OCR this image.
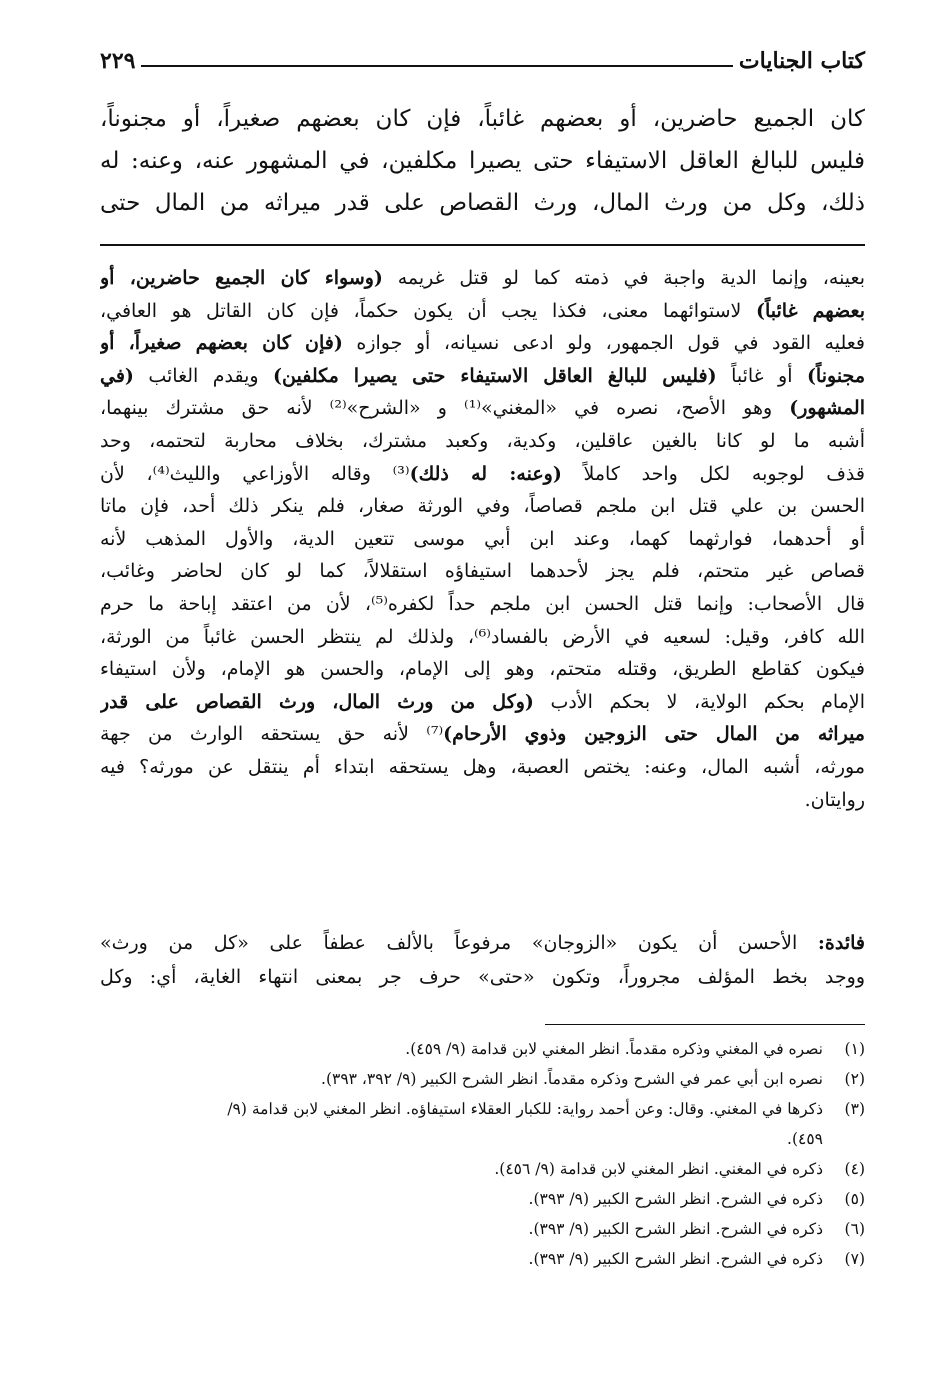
كتاب الجنايات
٢٢٩
كان الجميع حاضرين، أو بعضهم غائباً، فإن كان بعضهم صغيراً، أو مجنوناً،
فليس للبالغ العاقل الاستيفاء حتى يصيرا مكلفين، في المشهور عنه، وعنه: له
ذلك، وكل من ورث المال، ورث القصاص على قدر ميراثه من المال حتى
بعينه، وإنما الدية واجبة في ذمته كما لو قتل غريمه (وسواء كان الجميع حاضرين، أو
بعضهم غائباً) لاستوائهما معنى، فكذا يجب أن يكون حكماً، فإن كان القاتل هو العافي،
فعليه القود في قول الجمهور، ولو ادعى نسيانه، أو جوازه (فإن كان بعضهم صغيراً، أو
مجنوناً) أو غائباً (فليس للبالغ العاقل الاستيفاء حتى يصيرا مكلفين) ويقدم الغائب (في
المشهور) وهو الأصح، نصره في «المغني»⁽¹⁾ و «الشرح»⁽²⁾ لأنه حق مشترك بينهما،
أشبه ما لو كانا بالغين عاقلين، وكدية، وكعبد مشترك، بخلاف محاربة لتحتمه، وحد
قذف لوجوبه لكل واحد كاملاً (وعنه: له ذلك)⁽³⁾ وقاله الأوزاعي والليث⁽⁴⁾، لأن
الحسن بن علي قتل ابن ملجم قصاصاً، وفي الورثة صغار، فلم ينكر ذلك أحد، فإن ماتا
أو أحدهما، فوارثهما كهما، وعند ابن أبي موسى تتعين الدية، والأول المذهب لأنه
قصاص غير متحتم، فلم يجز لأحدهما استيفاؤه استقلالاً، كما لو كان لحاضر وغائب،
قال الأصحاب: وإنما قتل الحسن ابن ملجم حداً لكفره⁽⁵⁾، لأن من اعتقد إباحة ما حرم
الله كافر، وقيل: لسعيه في الأرض بالفساد⁽⁶⁾، ولذلك لم ينتظر الحسن غائباً من الورثة،
فيكون كقاطع الطريق، وقتله متحتم، وهو إلى الإمام، والحسن هو الإمام، ولأن استيفاء
الإمام بحكم الولاية، لا بحكم الأدب (وكل من ورث المال، ورث القصاص على قدر
ميراثه من المال حتى الزوجين وذوي الأرحام)⁽⁷⁾ لأنه حق يستحقه الوارث من جهة
مورثه، أشبه المال، وعنه: يختص العصبة، وهل يستحقه ابتداء أم ينتقل عن مورثه؟ فيه
روايتان.
فائدة: الأحسن أن يكون «الزوجان» مرفوعاً بالألف عطفاً على «كل من ورث»
ووجد بخط المؤلف مجروراً، وتكون «حتى» حرف جر بمعنى انتهاء الغاية، أي: وكل
(١)
نصره في المغني وذكره مقدماً. انظر المغني لابن قدامة (٩/ ٤٥٩).
(٢)
نصره ابن أبي عمر في الشرح وذكره مقدماً. انظر الشرح الكبير (٩/ ٣٩٢، ٣٩٣).
(٣)
ذكرها في المغني. وقال: وعن أحمد رواية: للكبار العقلاء استيفاؤه. انظر المغني لابن قدامة (٩/
٤٥٩).
(٤)
ذكره في المغني. انظر المغني لابن قدامة (٩/ ٤٥٦).
(٥)
ذكره في الشرح. انظر الشرح الكبير (٩/ ٣٩٣).
(٦)
ذكره في الشرح. انظر الشرح الكبير (٩/ ٣٩٣).
(٧)
ذكره في الشرح. انظر الشرح الكبير (٩/ ٣٩٣).
